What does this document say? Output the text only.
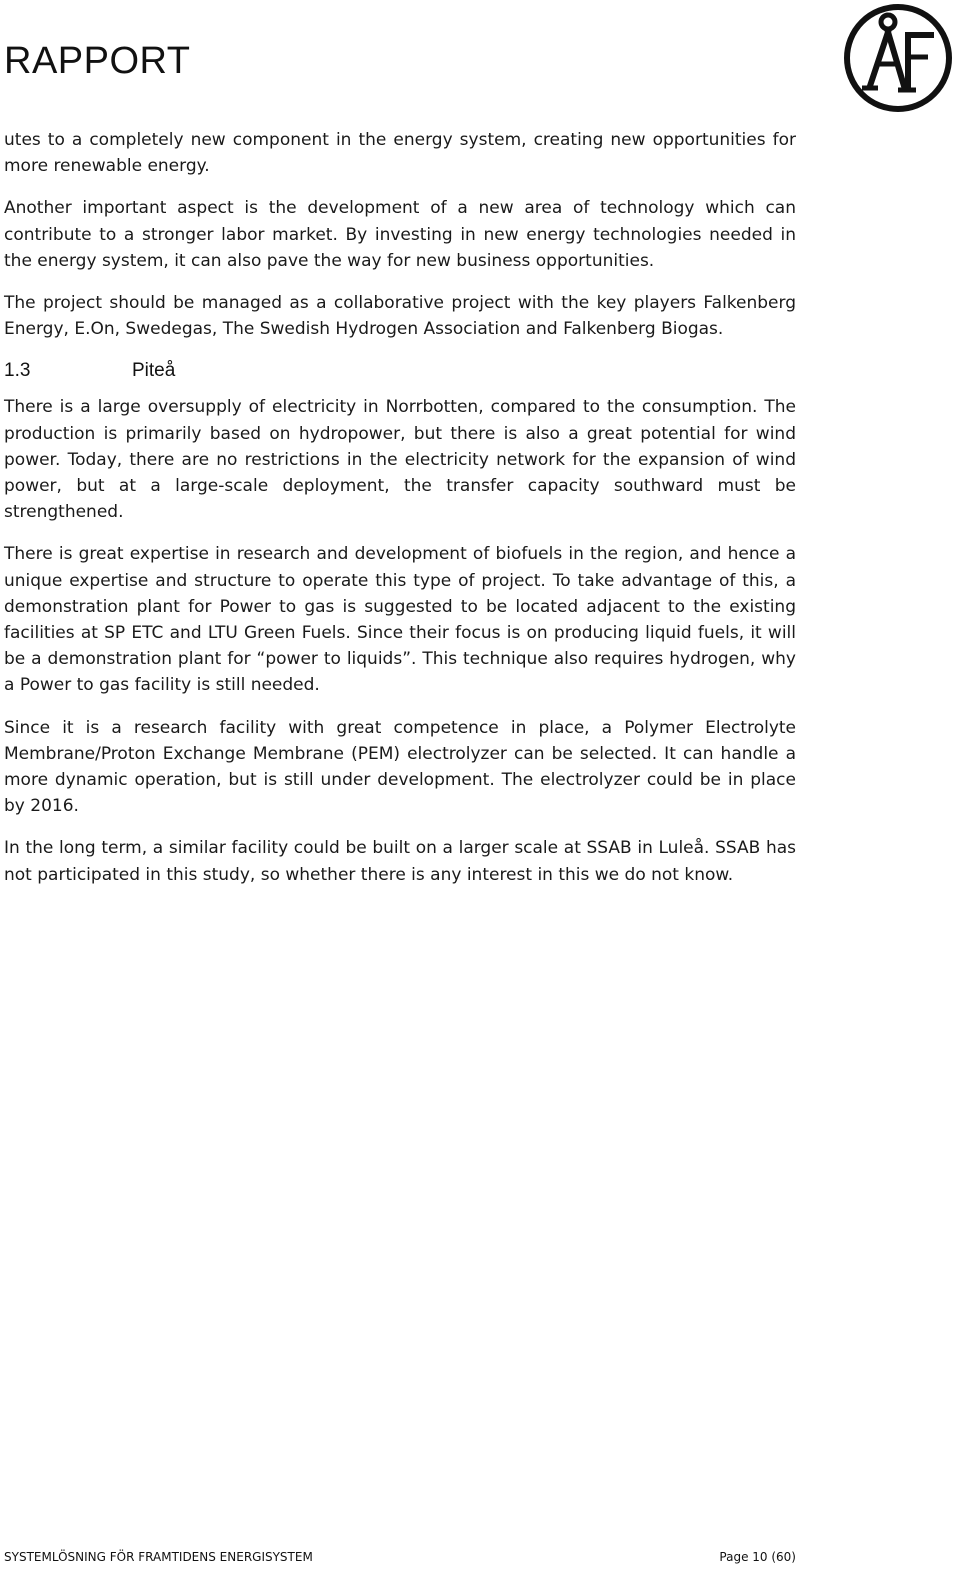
RAPPORT

utes to a completely new component in the energy system, creating new opportunities for more renewable energy.

Another important aspect is the development of a new area of technology which can contribute to a stronger labor market. By investing in new energy technologies needed in the energy system, it can also pave the way for new business opportunities.

The project should be managed as a collaborative project with the key players Falkenberg Energy, E.On, Swedegas, The Swedish Hydrogen Association and Falkenberg Biogas.

1.3	Piteå

There is a large oversupply of electricity in Norrbotten, compared to the consumption. The production is primarily based on hydropower, but there is also a great potential for wind power. Today, there are no restrictions in the electricity network for the expansion of wind power, but at a large-scale deployment, the transfer capacity southward must be strengthened.

There is great expertise in research and development of biofuels in the region, and hence a unique expertise and structure to operate this type of project. To take advantage of this, a demonstration plant for Power to gas is suggested to be located adjacent to the existing facilities at SP ETC and LTU Green Fuels. Since their focus is on producing liquid fuels, it will be a demonstration plant for “power to liquids”. This technique also requires hydrogen, why a Power to gas facility is still needed.

Since it is a research facility with great competence in place, a Polymer Electrolyte Membrane/Proton Exchange Membrane (PEM) electrolyzer can be selected. It can handle a more dynamic operation, but is still under development. The electrolyzer could be in place by 2016.

In the long term, a similar facility could be built on a larger scale at SSAB in Luleå. SSAB has not participated in this study, so whether there is any interest in this we do not know.

SYSTEMLÖSNING FÖR FRAMTIDENS ENERGISYSTEM	Page 10 (60)
